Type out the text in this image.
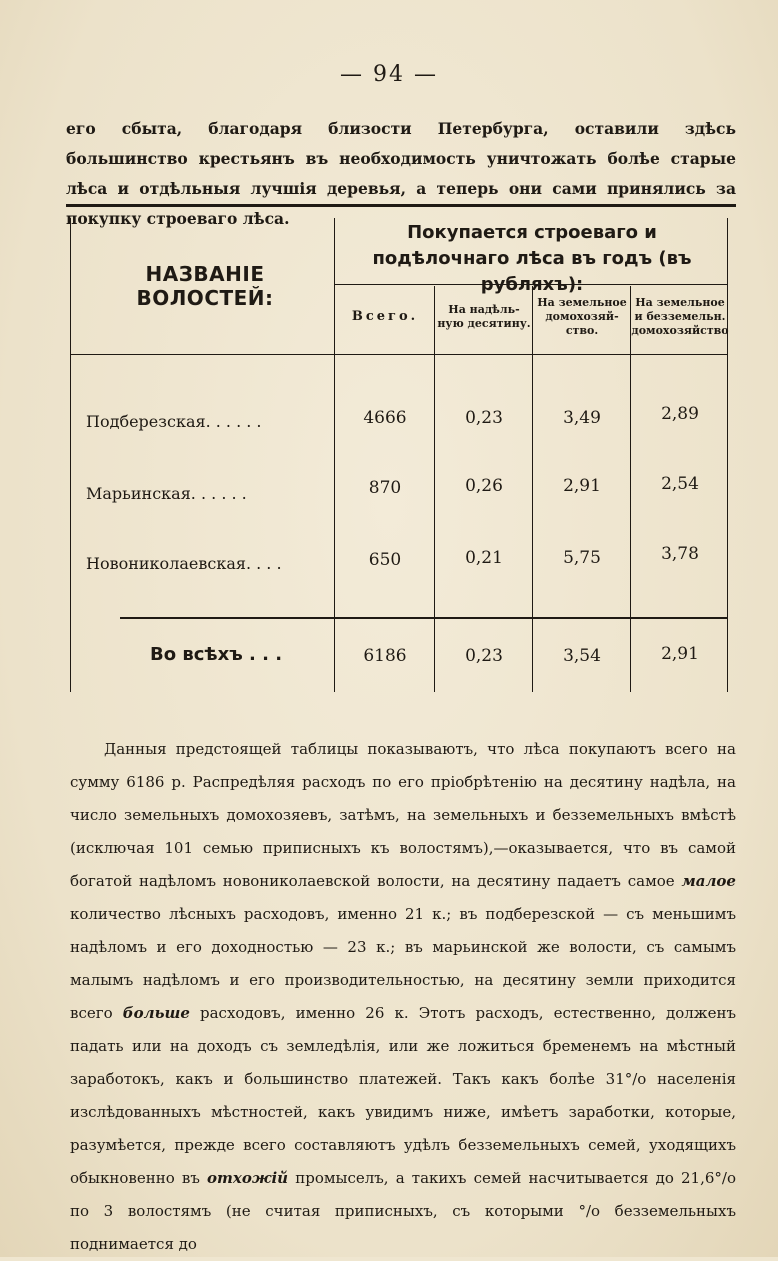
— 94 —
его сбыта, благодаря близости Петербурга, оставили здѣсь большинство крестьянъ въ необходимость уничтожать болѣе старые лѣса и отдѣльныя лучшія деревья, а теперь они сами принялись за покупку строеваго лѣса.
НАЗВАНІЕ ВОЛОСТЕЙ:
Покупается строеваго и подѣлочнаго лѣса въ годъ (въ рубляхъ):
Всего.	На надѣль-ную десятину.
На земельное домохозяй-ство.
На земельное и безземельн. домохозяйство
Подберезская. . . . . .	4666	0,23	3,49	2,89
Марьинская. . . . . .	870	0,26	2,91	2,54
Новониколаевская. . . .	650	0,21	5,75	3,78
Во всѣхъ . . .	6186	0,23	3,54	2,91
Данныя предстоящей таблицы показываютъ, что лѣса покупаютъ всего на сумму 6186 р. Распредѣляя расходъ по его пріобрѣтенію на десятину надѣла, на число земельныхъ домохозяевъ, затѣмъ, на земельныхъ и безземельныхъ вмѣстѣ (исключая 101 семью приписныхъ къ волостямъ),—оказывается, что въ самой богатой надѣломъ новониколаевской волости, на десятину падаетъ самое малое количество лѣсныхъ расходовъ, именно 21 к.; въ подберезской — съ меньшимъ надѣломъ и его доходностью — 23 к.; въ марьинской же волости, съ самымъ малымъ надѣломъ и его производительностью, на десятину земли приходится всего больше расходовъ, именно 26 к. Этотъ расходъ, естественно, долженъ падать или на доходъ съ земледѣлія, или же ложиться бременемъ на мѣстный заработокъ, какъ и большинство платежей. Такъ какъ болѣе 31°/о населенія изслѣдованныхъ мѣстностей, какъ увидимъ ниже, имѣетъ заработки, которые, разумѣется, прежде всего составляютъ удѣлъ безземельныхъ семей, уходящихъ обыкновенно въ отхожій промыселъ, а такихъ семей насчитывается до 21,6°/о по 3 волостямъ (не считая приписныхъ, съ которыми °/о безземельныхъ поднимается до
